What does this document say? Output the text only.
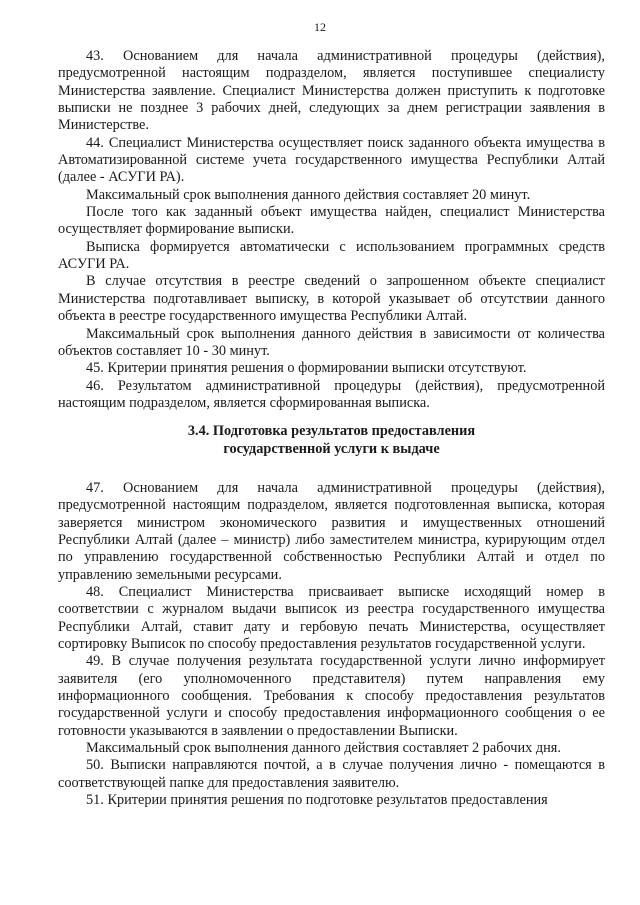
12

43. Основанием для начала административной процедуры (действия), предусмотренной настоящим подразделом, является поступившее специалисту Министерства заявление. Специалист Министерства должен приступить к подготовке выписки не позднее 3 рабочих дней, следующих за днем регистрации заявления в Министерстве.

44. Специалист Министерства осуществляет поиск заданного объекта имущества в Автоматизированной системе учета государственного имущества Республики Алтай (далее - АСУГИ РА).

Максимальный срок выполнения данного действия составляет 20 минут.

После того как заданный объект имущества найден, специалист Министерства осуществляет формирование выписки.

Выписка формируется автоматически с использованием программных средств АСУГИ РА.

В случае отсутствия в реестре сведений о запрошенном объекте специалист Министерства подготавливает выписку, в которой указывает об отсутствии данного объекта в реестре государственного имущества Республики Алтай.

Максимальный срок выполнения данного действия в зависимости от количества объектов составляет 10 - 30 минут.

45. Критерии принятия решения о формировании выписки отсутствуют.

46. Результатом административной процедуры (действия), предусмотренной настоящим подразделом, является сформированная выписка.

3.4. Подготовка результатов предоставления

государственной услуги к выдаче

47. Основанием для начала административной процедуры (действия), предусмотренной настоящим подразделом, является подготовленная выписка, которая заверяется министром экономического развития и имущественных отношений Республики Алтай (далее – министр) либо заместителем министра, курирующим отдел по управлению государственной собственностью Республики Алтай и отдел по управлению земельными ресурсами.

48. Специалист Министерства присваивает выписке исходящий номер в соответствии с журналом выдачи выписок из реестра государственного имущества Республики Алтай, ставит дату и гербовую печать Министерства, осуществляет сортировку Выписок по способу предоставления результатов государственной услуги.

49. В случае получения результата государственной услуги лично информирует заявителя (его уполномоченного представителя) путем направления ему информационного сообщения. Требования к способу предоставления результатов государственной услуги и способу предоставления информационного сообщения о ее готовности указываются в заявлении о предоставлении Выписки.

Максимальный срок выполнения данного действия составляет 2 рабочих дня.

50. Выписки направляются почтой, а в случае получения лично - помещаются в соответствующей папке для предоставления заявителю.

51. Критерии принятия решения по подготовке результатов предоставления
